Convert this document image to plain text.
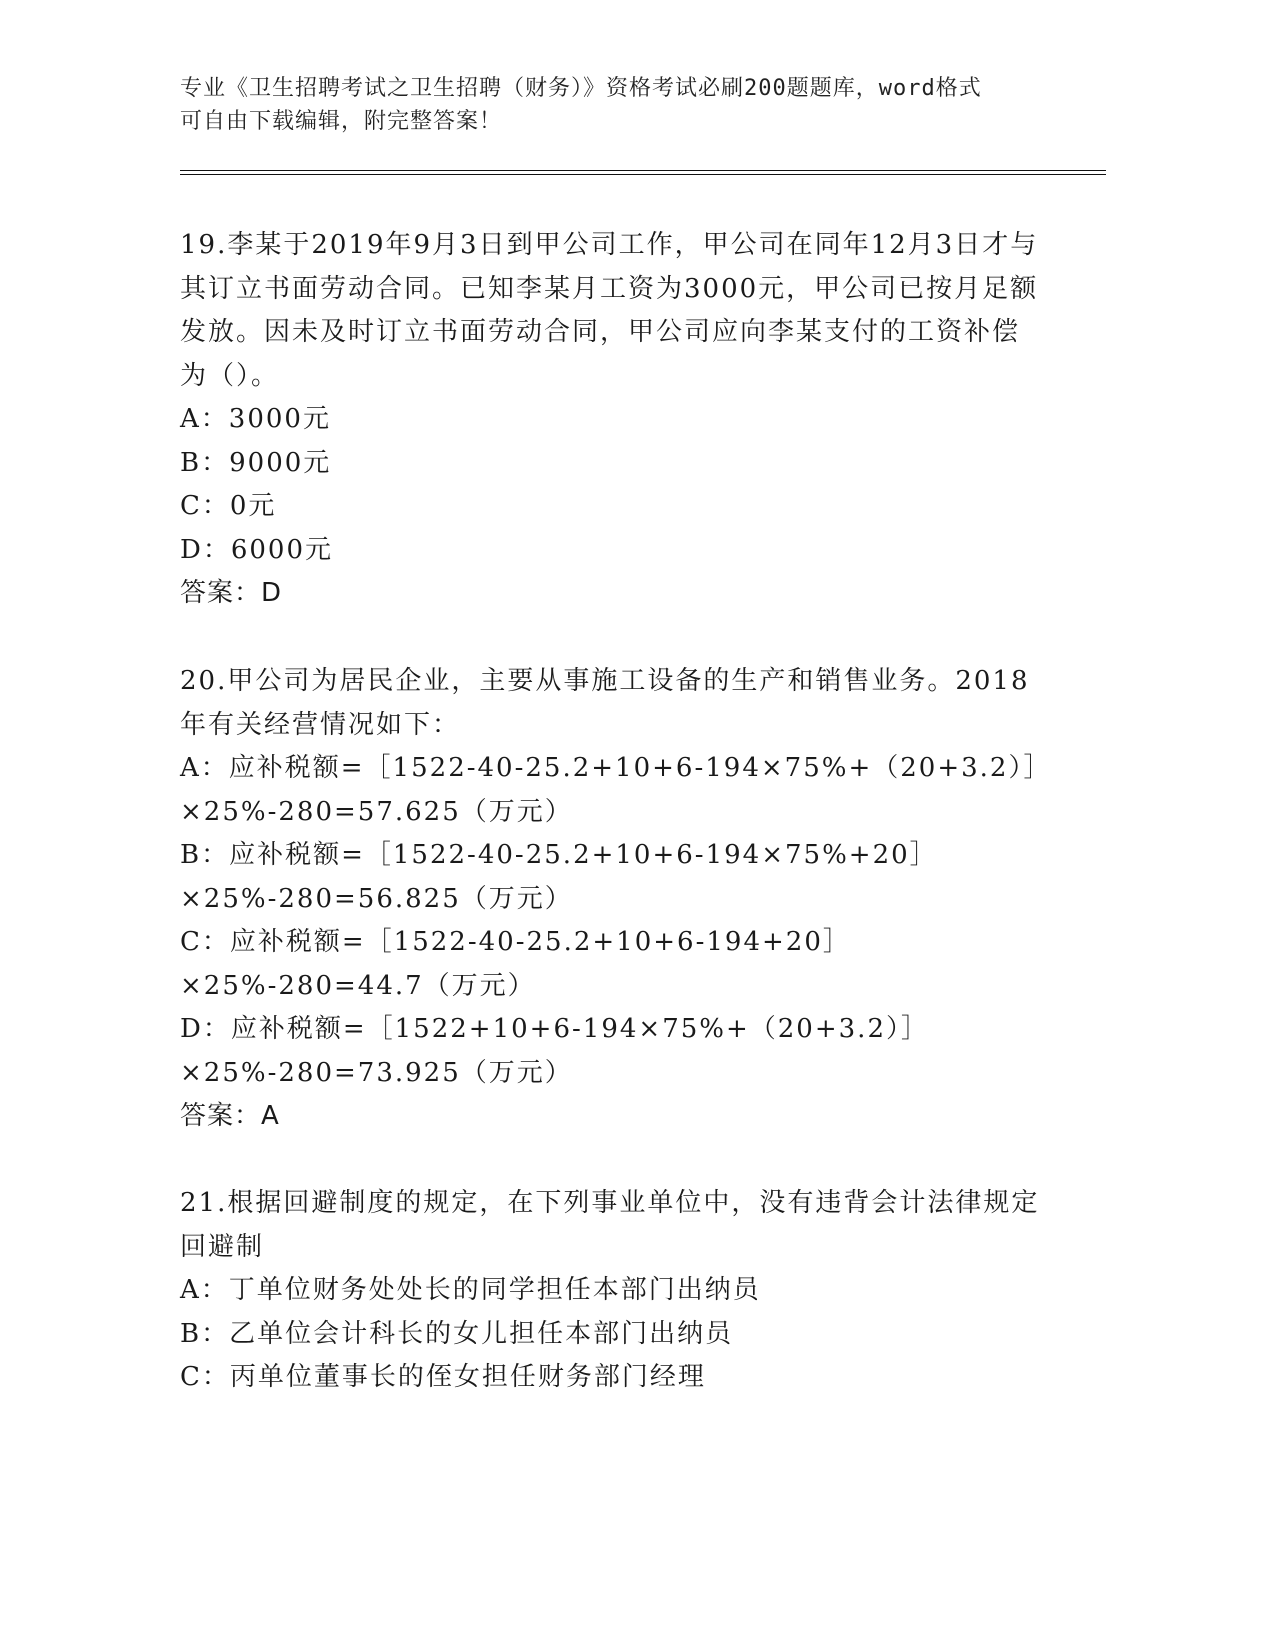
专业《卫生招聘考试之卫生招聘（财务）》资格考试必刷200题题库，word格式
可自由下载编辑，附完整答案！
19.李某于2019年9月3日到甲公司工作，甲公司在同年12月3日才与其订立书面劳动合同。已知李某月工资为3000元，甲公司已按月足额发放。因未及时订立书面劳动合同，甲公司应向李某支付的工资补偿为（）。
A：3000元
B：9000元
C：0元
D：6000元
答案：D
20.甲公司为居民企业，主要从事施工设备的生产和销售业务。2018年有关经营情况如下：
A：应补税额=［1522-40-25.2+10+6-194×75%+（20+3.2）］×25%-280=57.625（万元）
B：应补税额=［1522-40-25.2+10+6-194×75%+20］×25%-280=56.825（万元）
C：应补税额=［1522-40-25.2+10+6-194+20］×25%-280=44.7（万元）
D：应补税额=［1522+10+6-194×75%+（20+3.2）］×25%-280=73.925（万元）
答案：A
21.根据回避制度的规定，在下列事业单位中，没有违背会计法律规定回避制
A：丁单位财务处处长的同学担任本部门出纳员
B：乙单位会计科长的女儿担任本部门出纳员
C：丙单位董事长的侄女担任财务部门经理
